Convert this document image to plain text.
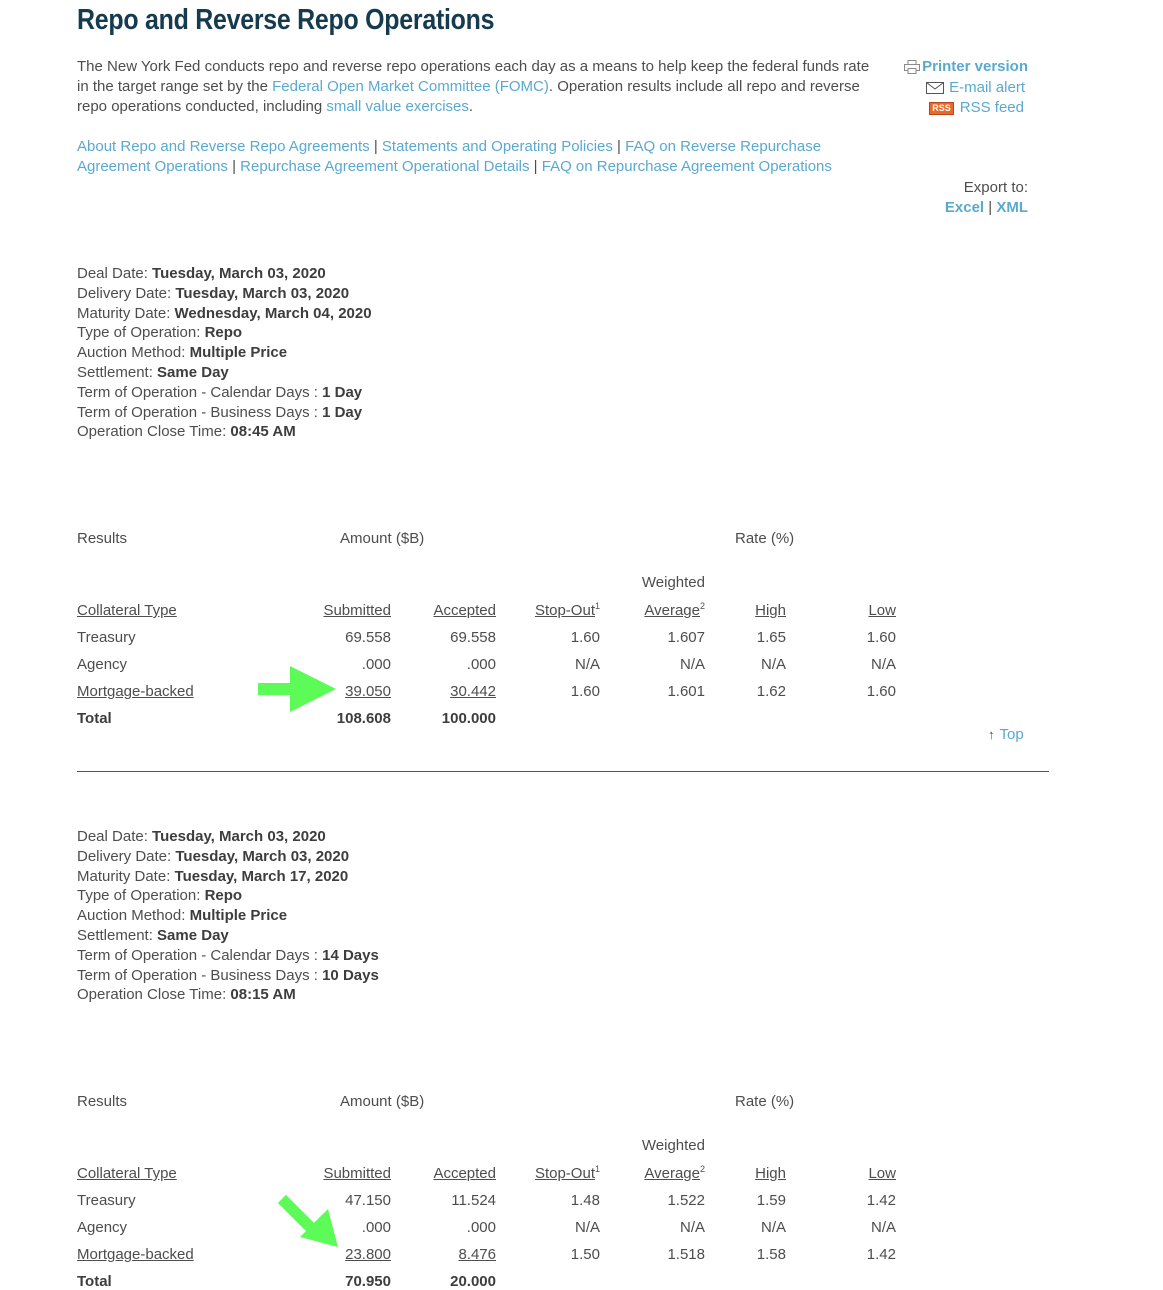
Repo and Reverse Repo Operations
The New York Fed conducts repo and reverse repo operations each day as a means to help keep the federal funds rate in the target range set by the Federal Open Market Committee (FOMC). Operation results include all repo and reverse repo operations conducted, including small value exercises.
Printer version
E-mail alert
RSS RSS feed
About Repo and Reverse Repo Agreements | Statements and Operating Policies | FAQ on Reverse Repurchase Agreement Operations | Repurchase Agreement Operational Details | FAQ on Repurchase Agreement Operations
Export to:
Excel | XML
Deal Date: Tuesday, March 03, 2020
Delivery Date: Tuesday, March 03, 2020
Maturity Date: Wednesday, March 04, 2020
Type of Operation: Repo
Auction Method: Multiple Price
Settlement: Same Day
Term of Operation - Calendar Days : 1 Day
Term of Operation - Business Days : 1 Day
Operation Close Time: 08:45 AM
Results	Amount ($B)				Rate (%)	

				Weighted		
Collateral Type	Submitted	Accepted	Stop-Out$^1$	Average$^2$	High	Low
Treasury	69.558	69.558	1.60	1.607	1.65	1.60
Agency	.000	.000	N/A	N/A	N/A	N/A
Mortgage-backed	39.050	30.442	1.60	1.601	1.62	1.60
Total	108.608	100.000				
↑ Top
Deal Date: Tuesday, March 03, 2020
Delivery Date: Tuesday, March 03, 2020
Maturity Date: Tuesday, March 17, 2020
Type of Operation: Repo
Auction Method: Multiple Price
Settlement: Same Day
Term of Operation - Calendar Days : 14 Days
Term of Operation - Business Days : 10 Days
Operation Close Time: 08:15 AM
Results	Amount ($B)				Rate (%)	

				Weighted		
Collateral Type	Submitted	Accepted	Stop-Out$^1$	Average$^2$	High	Low
Treasury	47.150	11.524	1.48	1.522	1.59	1.42
Agency	.000	.000	N/A	N/A	N/A	N/A
Mortgage-backed	23.800	8.476	1.50	1.518	1.58	1.42
Total	70.950	20.000				
